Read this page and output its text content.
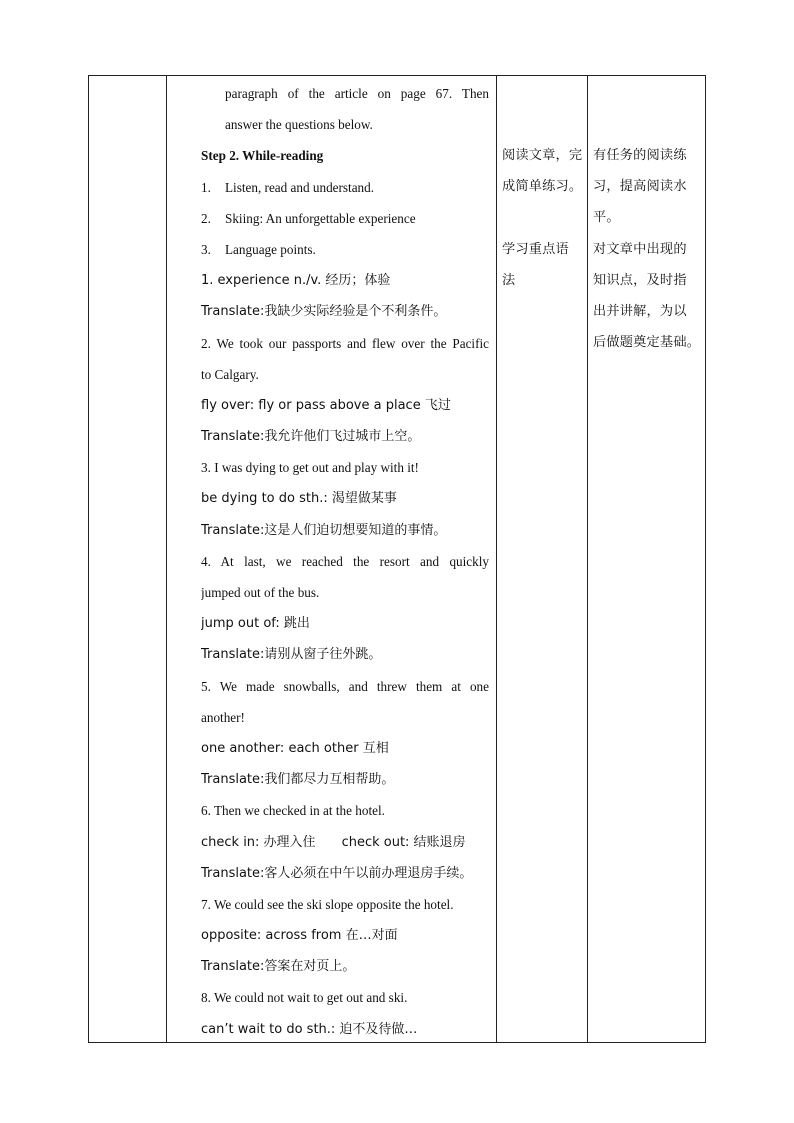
paragraph of the article on page 67. Then
answer the questions below.
Step 2. While-reading
1. Listen, read and understand.
2. Skiing: An unforgettable experience
3. Language points.
1. experience n./v. 经历；体验
Translate:我缺少实际经验是个不利条件。
2. We took our passports and flew over the Pacific
to Calgary.
fly over: fly or pass above a place 飞过
Translate:我允许他们飞过城市上空。
3. I was dying to get out and play with it!
be dying to do sth.: 渴望做某事
Translate:这是人们迫切想要知道的事情。
4. At last, we reached the resort and quickly
jumped out of the bus.
jump out of: 跳出
Translate:请别从窗子往外跳。
5. We made snowballs, and threw them at one
another!
one another: each other 互相
Translate:我们都尽力互相帮助。
6. Then we checked in at the hotel.
check in: 办理入住 check out: 结账退房
Translate:客人必须在中午以前办理退房手续。
7. We could see the ski slope opposite the hotel.
opposite: across from 在…对面
Translate:答案在对页上。
8. We could not wait to get out and ski.
can’t wait to do sth.: 迫不及待做…
阅读文章，完
成简单练习。
学习重点语
法
有任务的阅读练
习，提高阅读水
平。
对文章中出现的
知识点，及时指
出并讲解，为以
后做题奠定基础。
